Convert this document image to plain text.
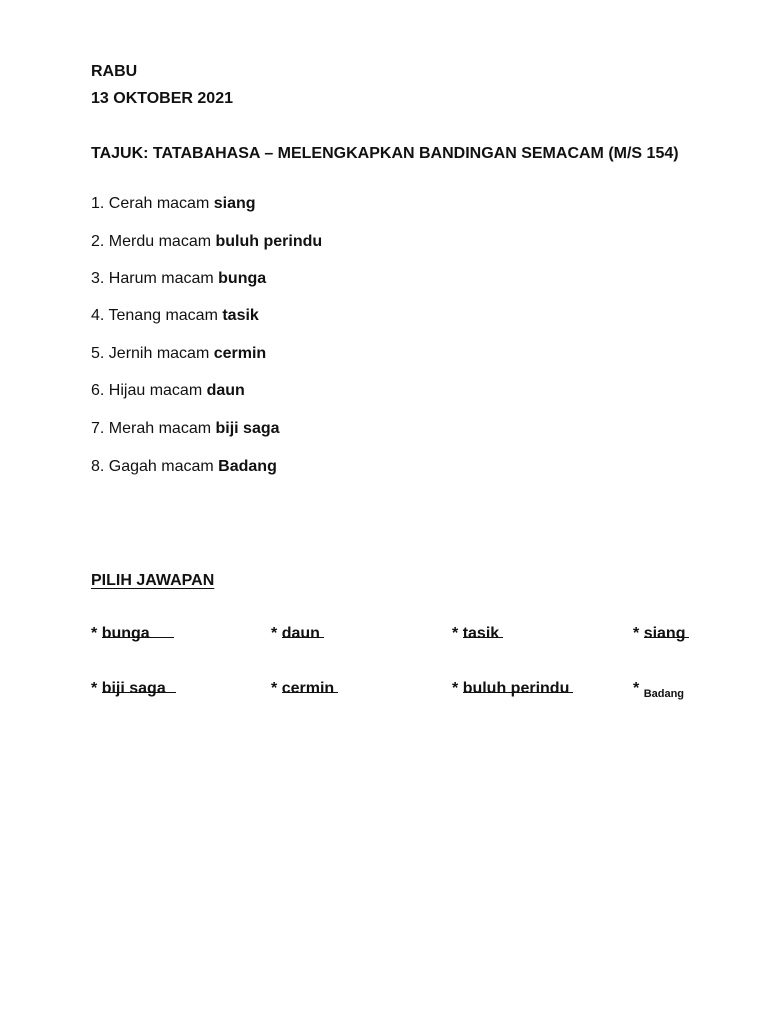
RABU
13 OKTOBER 2021
TAJUK: TATABAHASA – MELENGKAPKAN BANDINGAN SEMACAM (M/S 154)
1. Cerah macam siang
2. Merdu macam buluh perindu
3. Harum macam bunga
4. Tenang macam tasik
5. Jernih macam cermin
6. Hijau macam daun
7. Merah macam biji saga
8. Gagah macam Badang
PILIH JAWAPAN
* bunga	* daun	* tasik	* siang
* biji saga	* cermin	* buluh perindu	* $_{Badang}$
